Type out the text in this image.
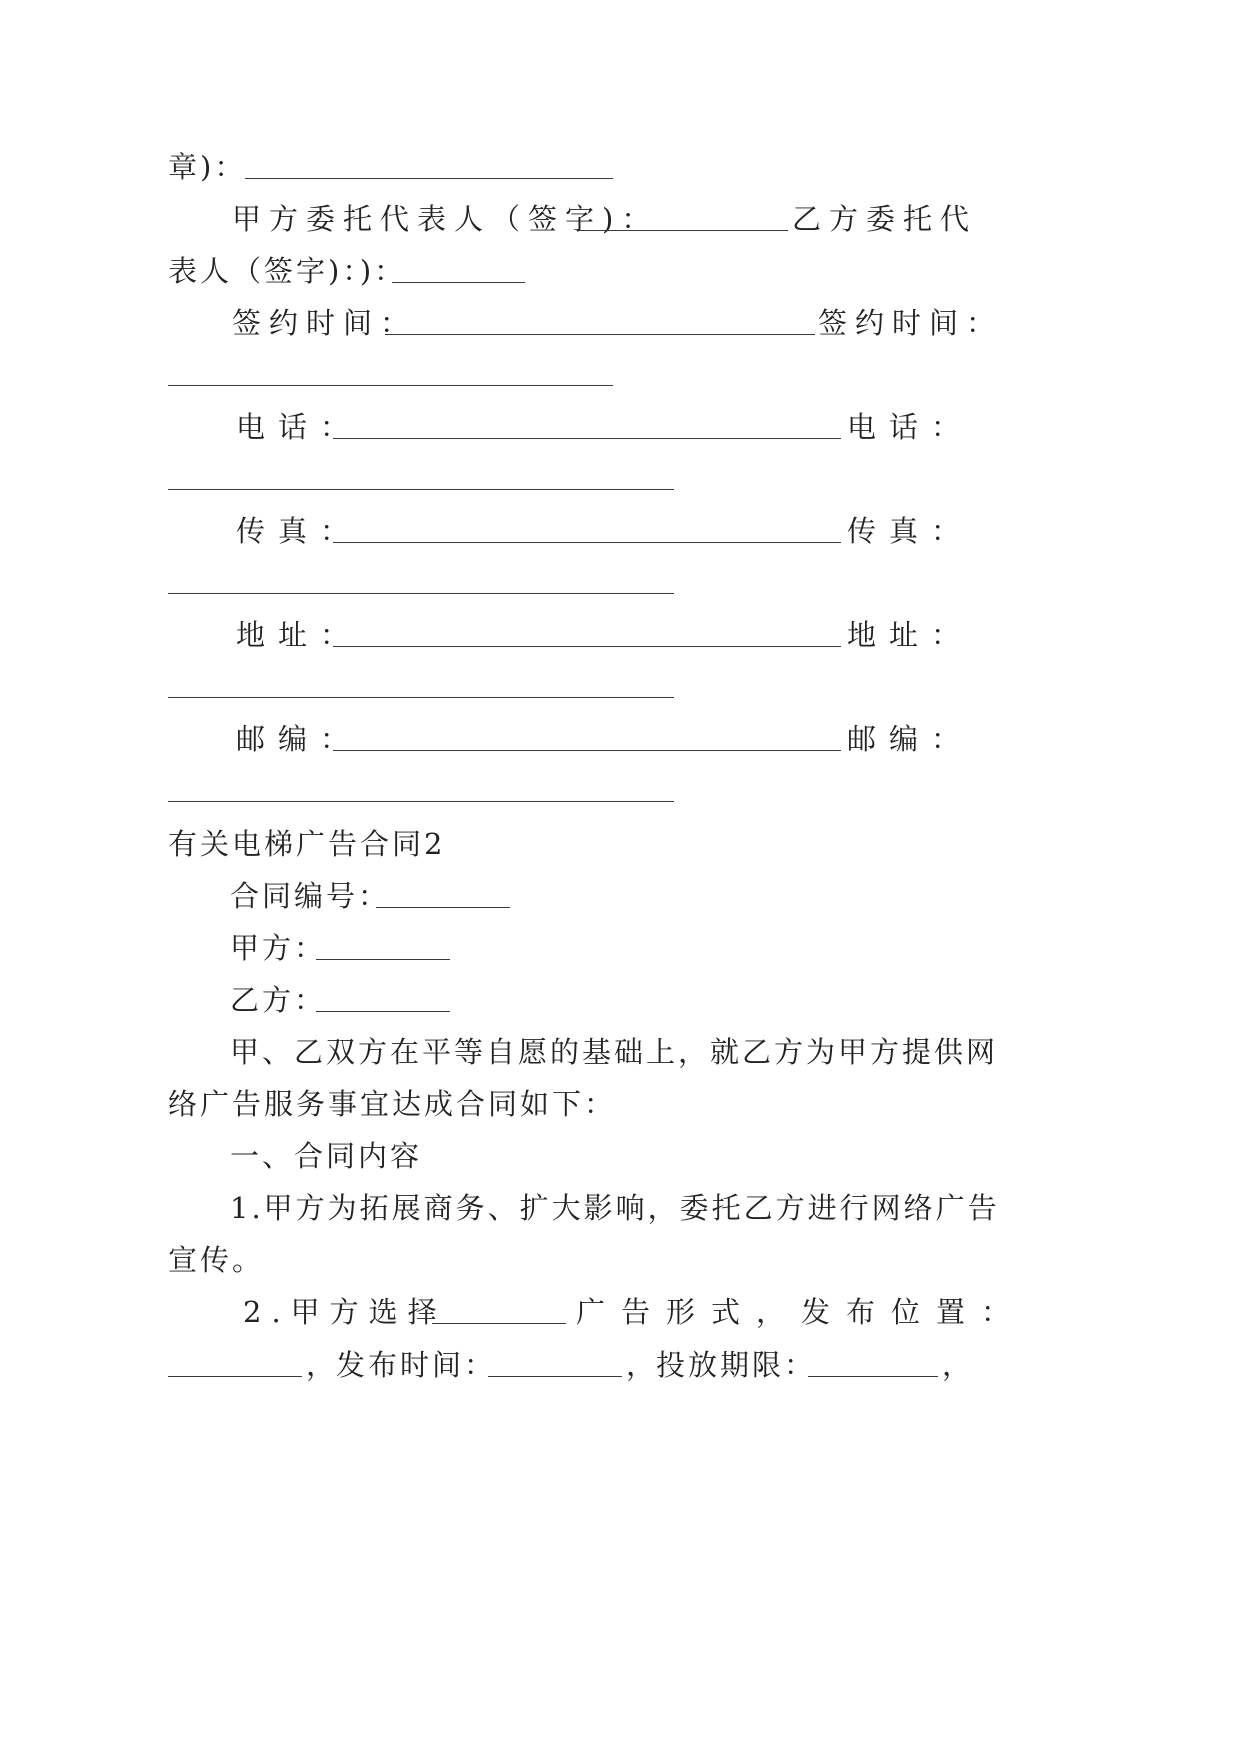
章)：
甲方委托代表人（签字)：	乙方委托代
表人（签字)：)：
签约时间：	签约时间：
电话：	电话：
传真：	传真：
地址：	地址：
邮编：	邮编：
有关电梯广告合同2
合同编号：
甲方：
乙方：
甲、乙双方在平等自愿的基础上，就乙方为甲方提供网
络广告服务事宜达成合同如下：
一、合同内容
1.甲方为拓展商务、扩大影响，委托乙方进行网络广告
宣传。
2.甲方选择	广告形式，发布位置：
， 发布时间：	， 投放期限：	，
